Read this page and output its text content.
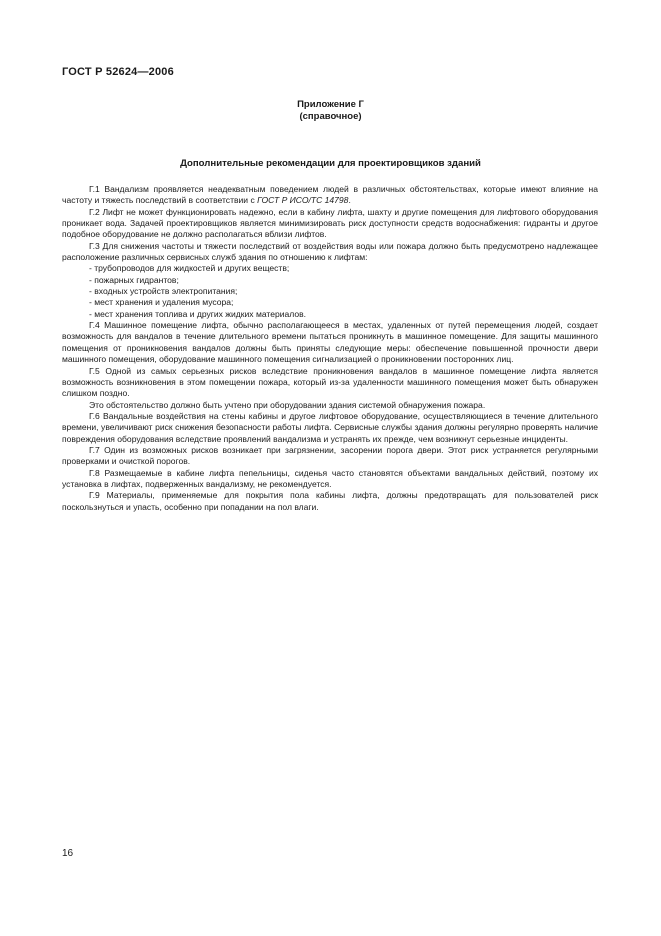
ГОСТ Р 52624—2006
Приложение Г
(справочное)
Дополнительные рекомендации для проектировщиков зданий

Г.1 Вандализм проявляется неадекватным поведением людей в различных обстоятельствах, которые имеют влияние на частоту и тяжесть последствий в соответствии с ГОСТ Р ИСО/ТС 14798.

Г.2 Лифт не может функционировать надежно, если в кабину лифта, шахту и другие помещения для лифтового оборудования проникает вода. Задачей проектировщиков является минимизировать риск доступности средств водоснабжения: гидранты и другое подобное оборудование не должно располагаться вблизи лифтов.

Г.3 Для снижения частоты и тяжести последствий от воздействия воды или пожара должно быть предусмотрено надлежащее расположение различных сервисных служб здания по отношению к лифтам:

- трубопроводов для жидкостей и других веществ;

- пожарных гидрантов;

- входных устройств электропитания;

- мест хранения и удаления мусора;

- мест хранения топлива и других жидких материалов.

Г.4 Машинное помещение лифта, обычно располагающееся в местах, удаленных от путей перемещения людей, создает возможность для вандалов в течение длительного времени пытаться проникнуть в машинное помещение. Для защиты машинного помещения от проникновения вандалов должны быть приняты следующие меры: обеспечение повышенной прочности двери машинного помещения, оборудование машинного помещения сигнализацией о проникновении посторонних лиц.

Г.5 Одной из самых серьезных рисков вследствие проникновения вандалов в машинное помещение лифта является возможность возникновения в этом помещении пожара, который из-за удаленности машинного помещения может быть обнаружен слишком поздно.

Это обстоятельство должно быть учтено при оборудовании здания системой обнаружения пожара.

Г.6 Вандальные воздействия на стены кабины и другое лифтовое оборудование, осуществляющиеся в течение длительного времени, увеличивают риск снижения безопасности работы лифта. Сервисные службы здания должны регулярно проверять наличие повреждения оборудования вследствие проявлений вандализма и устранять их прежде, чем возникнут серьезные инциденты.

Г.7 Один из возможных рисков возникает при загрязнении, засорении порога двери. Этот риск устраняется регулярными проверками и очисткой порогов.

Г.8 Размещаемые в кабине лифта пепельницы, сиденья часто становятся объектами вандальных действий, поэтому их установка в лифтах, подверженных вандализму, не рекомендуется.

Г.9 Материалы, применяемые для покрытия пола кабины лифта, должны предотвращать для пользователей риск поскользнуться и упасть, особенно при попадании на пол влаги.

16
